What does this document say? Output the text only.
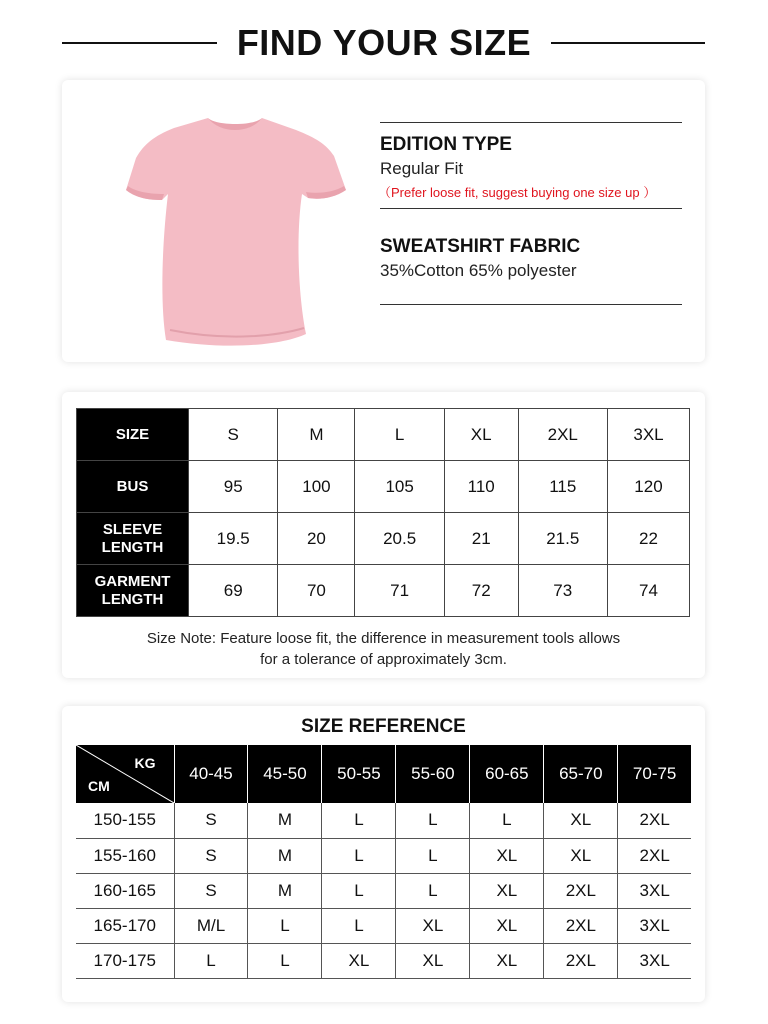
FIND YOUR SIZE
EDITION TYPE
Regular Fit
（Prefer loose fit, suggest buying one size up ）
SWEATSHIRT FABRIC
35%Cotton 65% polyester
SIZE	S	M	L	XL	2XL	3XL
BUS	95	100	105	110	115	120
SLEEVE LENGTH	19.5	20	20.5	21	21.5	22
GARMENT LENGTH	69	70	71	72	73	74
Size Note: Feature loose fit, the difference in measurement tools allows
for a tolerance of approximately 3cm.
SIZE REFERENCE
KG
CM	40-45	45-50	50-55	55-60	60-65	65-70	70-75
150-155	S	M	L	L	L	XL	2XL
155-160	S	M	L	L	XL	XL	2XL
160-165	S	M	L	L	XL	2XL	3XL
165-170	M/L	L	L	XL	XL	2XL	3XL
170-175	L	L	XL	XL	XL	2XL	3XL
